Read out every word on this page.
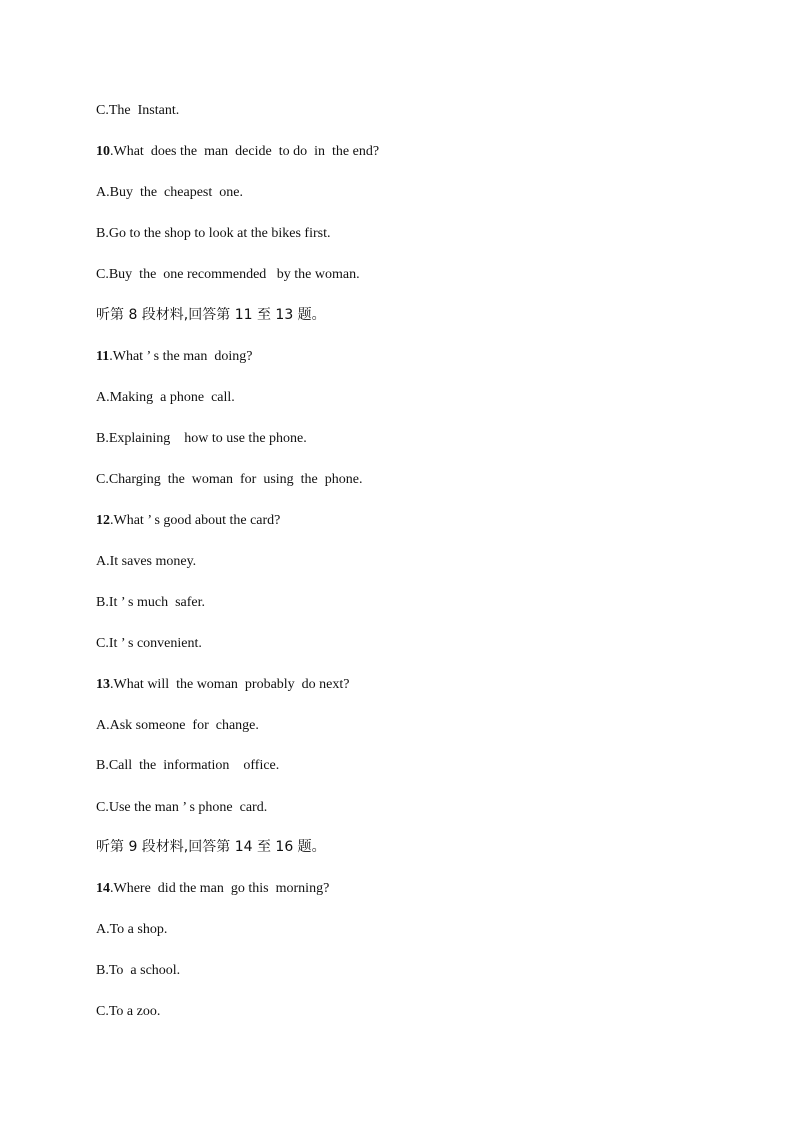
C.The  Instant.
10.What  does the  man  decide  to do  in  the end?
A.Buy  the  cheapest  one.
B.Go to the shop to look at the bikes first.
C.Buy  the  one recommended   by the woman.
听第 8 段材料,回答第 11 至 13 题。
11.What ’ s the man  doing?
A.Making  a phone  call.
B.Explaining    how to use the phone.
C.Charging  the  woman  for  using  the  phone.
12.What ’ s good about the card?
A.It saves money.
B.It ’ s much  safer.
C.It ’ s convenient.
13.What will  the woman  probably  do next?
A.Ask someone  for  change.
B.Call  the  information    office.
C.Use the man ’ s phone  card.
听第 9 段材料,回答第 14 至 16 题。
14.Where  did the man  go this  morning?
A.To a shop.
B.To  a school.
C.To a zoo.
